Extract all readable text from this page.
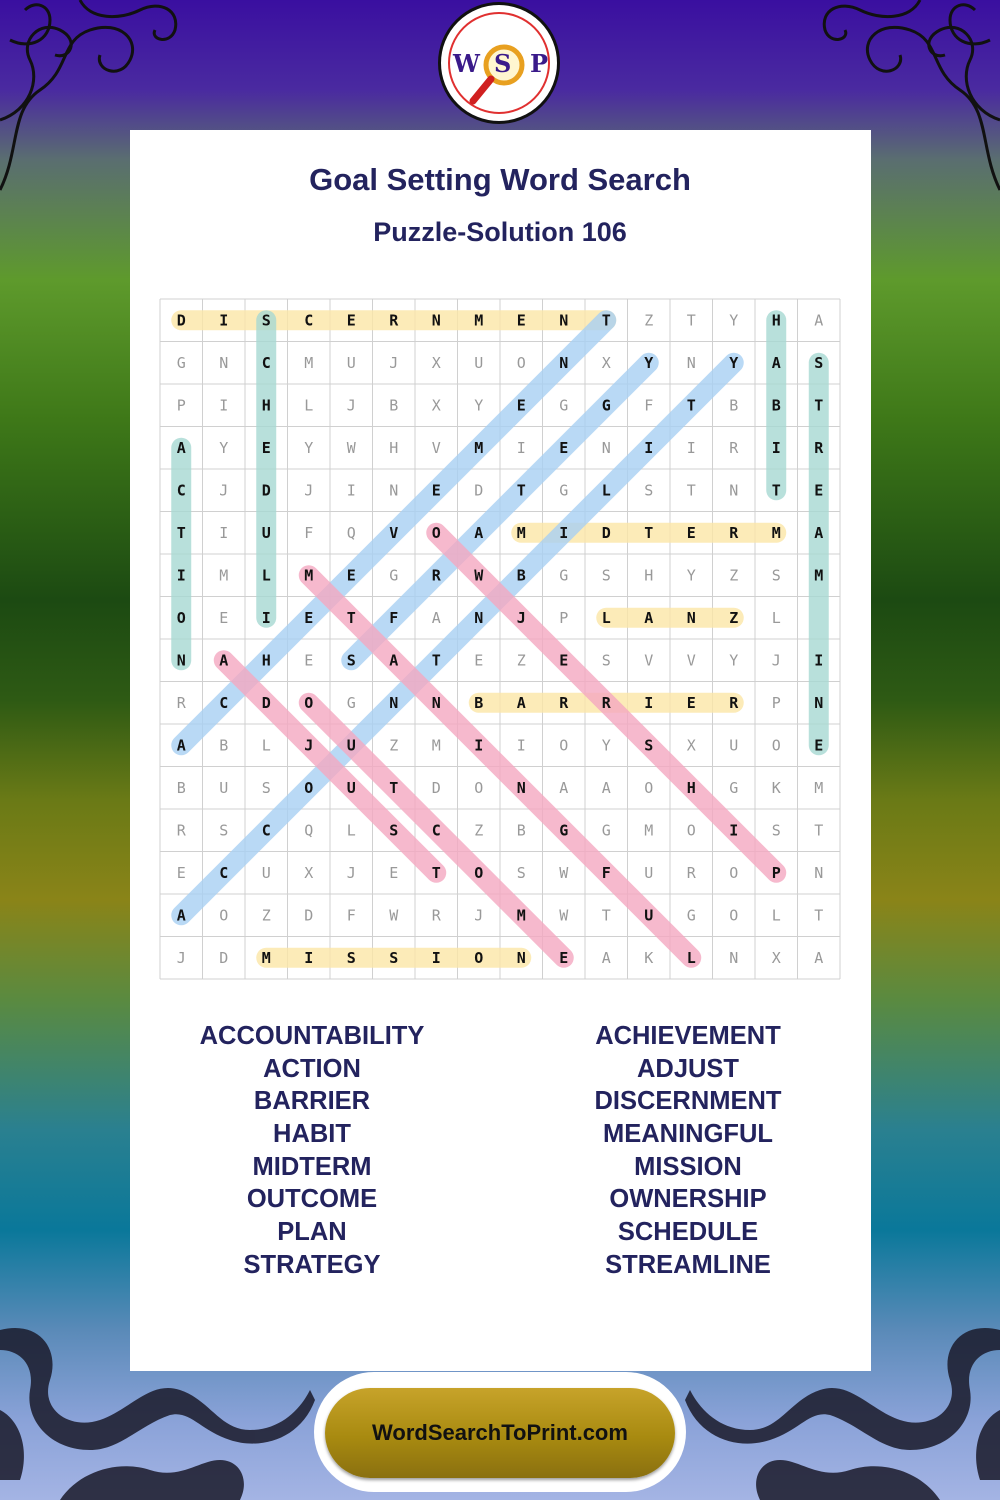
W S P
Goal Setting Word Search
Puzzle-Solution 106
D I S C E R N M E N T Z T Y H A
G N C M U J X U O N X Y N Y A S
P I H L J B X Y E G G F T B B T
A Y E Y W H V M I E N I I R I R
C J D J I N E D T G L S T N T E
T I U F Q V O A M I D T E R M A
I M L M E G R W B G S H Y Z S M
O E I E T F A N J P L A N Z L
N A H E S A T E Z E S V V Y J I
R C D O G N N B A R R I E R P N
A B L J U Z M I I O Y S X U O E
B U S O U T D O N A A O H G K M
R S C Q L S C Z B G G M O I S T
E C U X J E T O S W F U R O P N
A O Z D F W R J M W T U G O L T
J D M I S S I O N E A K L N X A
ACCOUNTABILITY
ACTION
BARRIER
HABIT
MIDTERM
OUTCOME
PLAN
STRATEGY
ACHIEVEMENT
ADJUST
DISCERNMENT
MEANINGFUL
MISSION
OWNERSHIP
SCHEDULE
STREAMLINE
WordSearchToPrint.com
